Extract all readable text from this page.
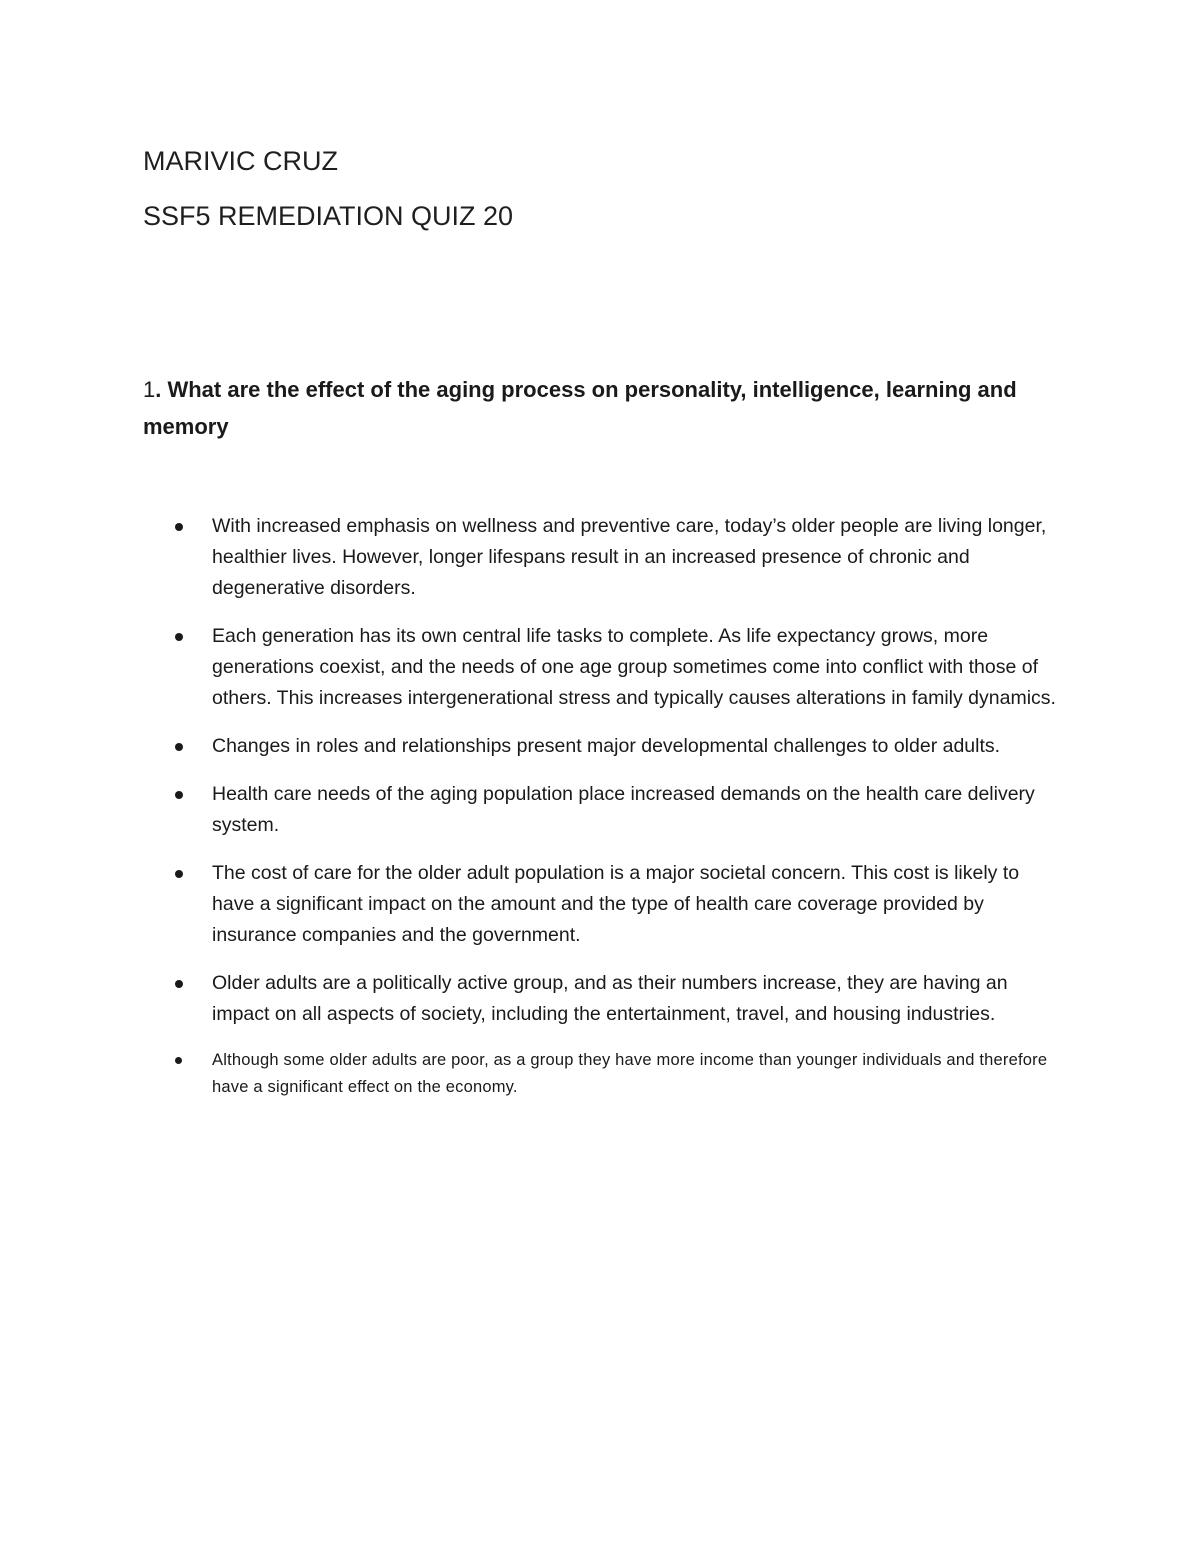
MARIVIC CRUZ
SSF5 REMEDIATION QUIZ 20

1. What are the effect of the aging process on personality, intelligence, learning and memory

With increased emphasis on wellness and preventive care, today’s older people are living longer, healthier lives. However, longer lifespans result in an increased presence of chronic and degenerative disorders.
Each generation has its own central life tasks to complete. As life expectancy grows, more generations coexist, and the needs of one age group sometimes come into conflict with those of others. This increases intergenerational stress and typically causes alterations in family dynamics.
Changes in roles and relationships present major developmental challenges to older adults.
Health care needs of the aging population place increased demands on the health care delivery system.
The cost of care for the older adult population is a major societal concern. This cost is likely to have a significant impact on the amount and the type of health care coverage provided by insurance companies and the government.
Older adults are a politically active group, and as their numbers increase, they are having an impact on all aspects of society, including the entertainment, travel, and housing industries.
Although some older adults are poor, as a group they have more income than younger individuals and therefore have a significant effect on the economy.
